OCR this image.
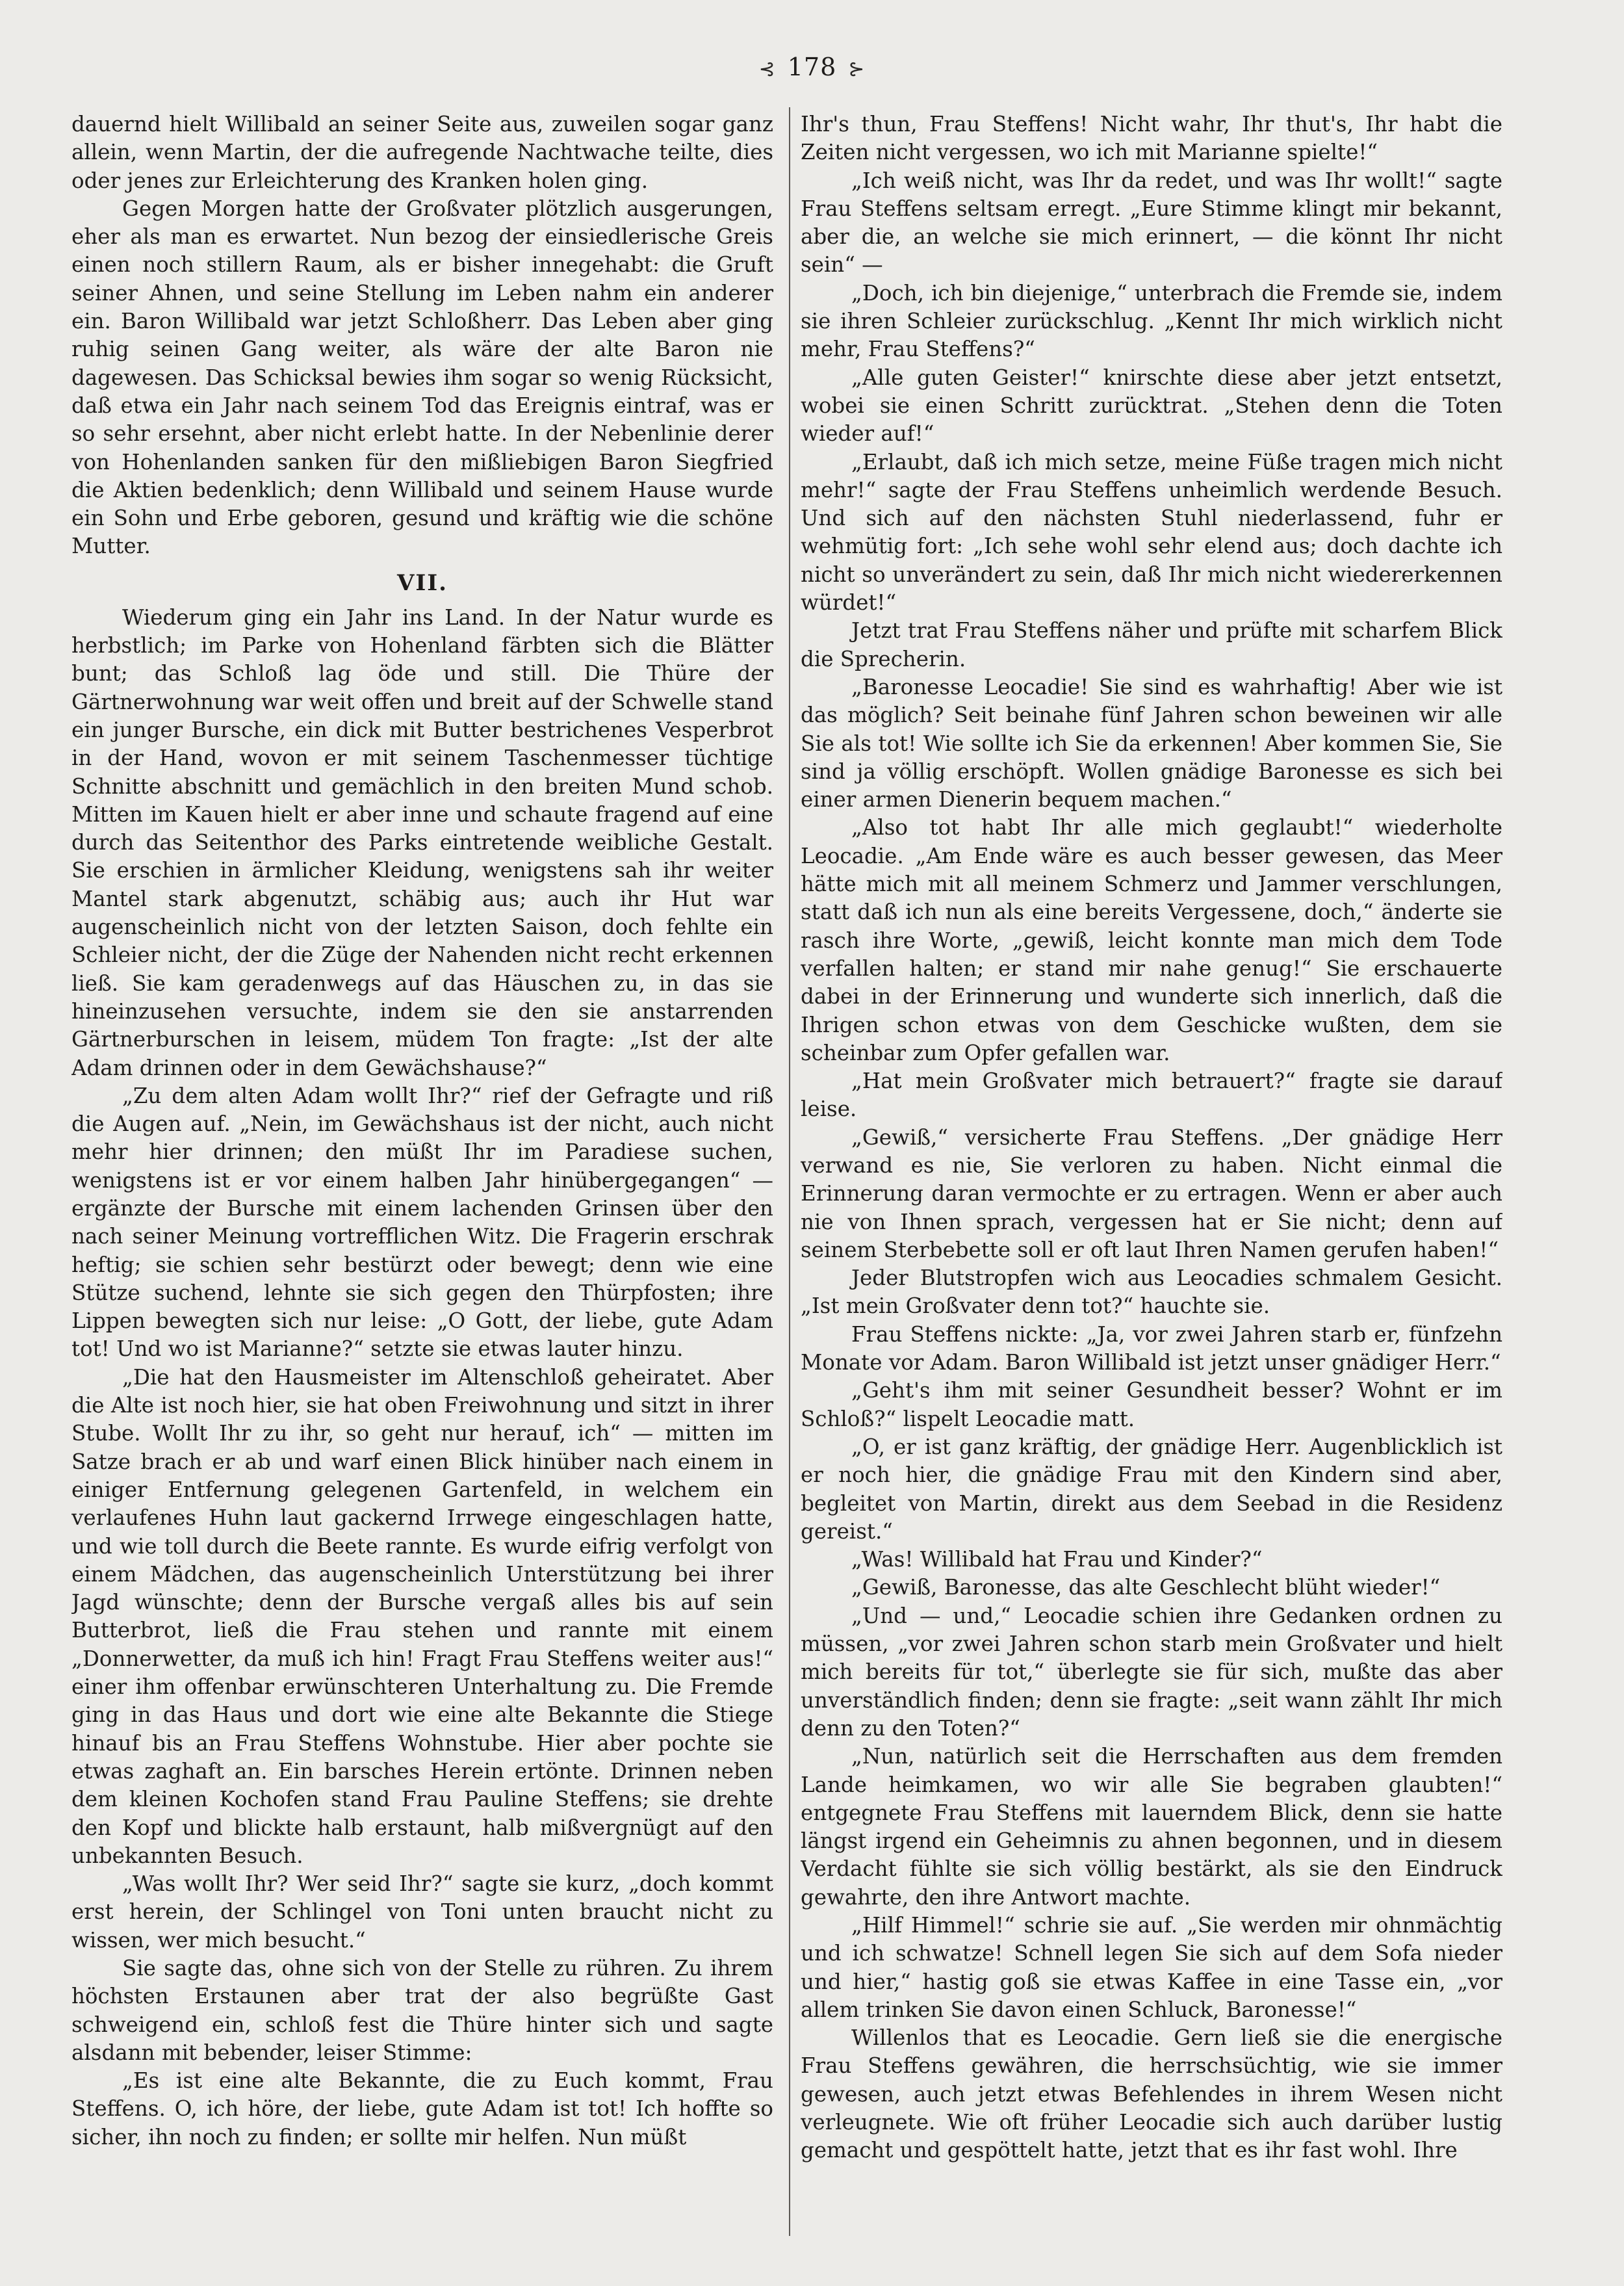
⊰ 178 ⊱

dauernd hielt Willibald an seiner Seite aus, zuweilen sogar ganz allein, wenn Martin, der die aufregende Nachtwache teilte, dies oder jenes zur Erleichterung des Kranken holen ging.

Gegen Morgen hatte der Großvater plötzlich ausgerungen, eher als man es erwartet. Nun bezog der einsiedlerische Greis einen noch stillern Raum, als er bisher innegehabt: die Gruft seiner Ahnen, und seine Stellung im Leben nahm ein anderer ein. Baron Willibald war jetzt Schloßherr. Das Leben aber ging ruhig seinen Gang weiter, als wäre der alte Baron nie dagewesen. Das Schicksal bewies ihm sogar so wenig Rücksicht, daß etwa ein Jahr nach seinem Tod das Ereignis eintraf, was er so sehr ersehnt, aber nicht erlebt hatte. In der Nebenlinie derer von Hohenlanden sanken für den mißliebigen Baron Siegfried die Aktien bedenklich; denn Willibald und seinem Hause wurde ein Sohn und Erbe geboren, gesund und kräftig wie die schöne Mutter.

VII.

Wiederum ging ein Jahr ins Land. In der Natur wurde es herbstlich; im Parke von Hohenland färbten sich die Blätter bunt; das Schloß lag öde und still. Die Thüre der Gärtnerwohnung war weit offen und breit auf der Schwelle stand ein junger Bursche, ein dick mit Butter bestrichenes Vesperbrot in der Hand, wovon er mit seinem Taschenmesser tüchtige Schnitte abschnitt und gemächlich in den breiten Mund schob. Mitten im Kauen hielt er aber inne und schaute fragend auf eine durch das Seitenthor des Parks eintretende weibliche Gestalt. Sie erschien in ärmlicher Kleidung, wenigstens sah ihr weiter Mantel stark abgenutzt, schäbig aus; auch ihr Hut war augenscheinlich nicht von der letzten Saison, doch fehlte ein Schleier nicht, der die Züge der Nahenden nicht recht erkennen ließ. Sie kam geradenwegs auf das Häuschen zu, in das sie hineinzusehen versuchte, indem sie den sie anstarrenden Gärtnerburschen in leisem, müdem Ton fragte: „Ist der alte Adam drinnen oder in dem Gewächshause?“

„Zu dem alten Adam wollt Ihr?“ rief der Gefragte und riß die Augen auf. „Nein, im Gewächshaus ist der nicht, auch nicht mehr hier drinnen; den müßt Ihr im Paradiese suchen, wenigstens ist er vor einem halben Jahr hinübergegangen“ — ergänzte der Bursche mit einem lachenden Grinsen über den nach seiner Meinung vortrefflichen Witz. Die Fragerin erschrak heftig; sie schien sehr bestürzt oder bewegt; denn wie eine Stütze suchend, lehnte sie sich gegen den Thürpfosten; ihre Lippen bewegten sich nur leise: „O Gott, der liebe, gute Adam tot! Und wo ist Marianne?“ setzte sie etwas lauter hinzu.

„Die hat den Hausmeister im Altenschloß geheiratet. Aber die Alte ist noch hier, sie hat oben Freiwohnung und sitzt in ihrer Stube. Wollt Ihr zu ihr, so geht nur herauf, ich“ — mitten im Satze brach er ab und warf einen Blick hinüber nach einem in einiger Entfernung gelegenen Gartenfeld, in welchem ein verlaufenes Huhn laut gackernd Irrwege eingeschlagen hatte, und wie toll durch die Beete rannte. Es wurde eifrig verfolgt von einem Mädchen, das augenscheinlich Unterstützung bei ihrer Jagd wünschte; denn der Bursche vergaß alles bis auf sein Butterbrot, ließ die Frau stehen und rannte mit einem „Donnerwetter, da muß ich hin! Fragt Frau Steffens weiter aus!“ einer ihm offenbar erwünschteren Unterhaltung zu. Die Fremde ging in das Haus und dort wie eine alte Bekannte die Stiege hinauf bis an Frau Steffens Wohnstube. Hier aber pochte sie etwas zaghaft an. Ein barsches Herein ertönte. Drinnen neben dem kleinen Kochofen stand Frau Pauline Steffens; sie drehte den Kopf und blickte halb erstaunt, halb mißvergnügt auf den unbekannten Besuch.

„Was wollt Ihr? Wer seid Ihr?“ sagte sie kurz, „doch kommt erst herein, der Schlingel von Toni unten braucht nicht zu wissen, wer mich besucht.“

Sie sagte das, ohne sich von der Stelle zu rühren. Zu ihrem höchsten Erstaunen aber trat der also begrüßte Gast schweigend ein, schloß fest die Thüre hinter sich und sagte alsdann mit bebender, leiser Stimme:

„Es ist eine alte Bekannte, die zu Euch kommt, Frau Steffens. O, ich höre, der liebe, gute Adam ist tot! Ich hoffte so sicher, ihn noch zu finden; er sollte mir helfen. Nun müßt

Ihr's thun, Frau Steffens! Nicht wahr, Ihr thut's, Ihr habt die Zeiten nicht vergessen, wo ich mit Marianne spielte!“

„Ich weiß nicht, was Ihr da redet, und was Ihr wollt!“ sagte Frau Steffens seltsam erregt. „Eure Stimme klingt mir bekannt, aber die, an welche sie mich erinnert, — die könnt Ihr nicht sein“ —

„Doch, ich bin diejenige,“ unterbrach die Fremde sie, indem sie ihren Schleier zurückschlug. „Kennt Ihr mich wirklich nicht mehr, Frau Steffens?“

„Alle guten Geister!“ knirschte diese aber jetzt entsetzt, wobei sie einen Schritt zurücktrat. „Stehen denn die Toten wieder auf!“

„Erlaubt, daß ich mich setze, meine Füße tragen mich nicht mehr!“ sagte der Frau Steffens unheimlich werdende Besuch. Und sich auf den nächsten Stuhl niederlassend, fuhr er wehmütig fort: „Ich sehe wohl sehr elend aus; doch dachte ich nicht so unverändert zu sein, daß Ihr mich nicht wiedererkennen würdet!“

Jetzt trat Frau Steffens näher und prüfte mit scharfem Blick die Sprecherin.

„Baronesse Leocadie! Sie sind es wahrhaftig! Aber wie ist das möglich? Seit beinahe fünf Jahren schon beweinen wir alle Sie als tot! Wie sollte ich Sie da erkennen! Aber kommen Sie, Sie sind ja völlig erschöpft. Wollen gnädige Baronesse es sich bei einer armen Dienerin bequem machen.“

„Also tot habt Ihr alle mich geglaubt!“ wiederholte Leocadie. „Am Ende wäre es auch besser gewesen, das Meer hätte mich mit all meinem Schmerz und Jammer verschlungen, statt daß ich nun als eine bereits Vergessene, doch,“ änderte sie rasch ihre Worte, „gewiß, leicht konnte man mich dem Tode verfallen halten; er stand mir nahe genug!“ Sie erschauerte dabei in der Erinnerung und wunderte sich innerlich, daß die Ihrigen schon etwas von dem Geschicke wußten, dem sie scheinbar zum Opfer gefallen war.

„Hat mein Großvater mich betrauert?“ fragte sie darauf leise.

„Gewiß,“ versicherte Frau Steffens. „Der gnädige Herr verwand es nie, Sie verloren zu haben. Nicht einmal die Erinnerung daran vermochte er zu ertragen. Wenn er aber auch nie von Ihnen sprach, vergessen hat er Sie nicht; denn auf seinem Sterbebette soll er oft laut Ihren Namen gerufen haben!“

Jeder Blutstropfen wich aus Leocadies schmalem Gesicht. „Ist mein Großvater denn tot?“ hauchte sie.

Frau Steffens nickte: „Ja, vor zwei Jahren starb er, fünfzehn Monate vor Adam. Baron Willibald ist jetzt unser gnädiger Herr.“

„Geht's ihm mit seiner Gesundheit besser? Wohnt er im Schloß?“ lispelt Leocadie matt.

„O, er ist ganz kräftig, der gnädige Herr. Augenblicklich ist er noch hier, die gnädige Frau mit den Kindern sind aber, begleitet von Martin, direkt aus dem Seebad in die Residenz gereist.“

„Was! Willibald hat Frau und Kinder?“

„Gewiß, Baronesse, das alte Geschlecht blüht wieder!“

„Und — und,“ Leocadie schien ihre Gedanken ordnen zu müssen, „vor zwei Jahren schon starb mein Großvater und hielt mich bereits für tot,“ überlegte sie für sich, mußte das aber unverständlich finden; denn sie fragte: „seit wann zählt Ihr mich denn zu den Toten?“

„Nun, natürlich seit die Herrschaften aus dem fremden Lande heimkamen, wo wir alle Sie begraben glaubten!“ entgegnete Frau Steffens mit lauerndem Blick, denn sie hatte längst irgend ein Geheimnis zu ahnen begonnen, und in diesem Verdacht fühlte sie sich völlig bestärkt, als sie den Eindruck gewahrte, den ihre Antwort machte.

„Hilf Himmel!“ schrie sie auf. „Sie werden mir ohnmächtig und ich schwatze! Schnell legen Sie sich auf dem Sofa nieder und hier,“ hastig goß sie etwas Kaffee in eine Tasse ein, „vor allem trinken Sie davon einen Schluck, Baronesse!“

Willenlos that es Leocadie. Gern ließ sie die energische Frau Steffens gewähren, die herrschsüchtig, wie sie immer gewesen, auch jetzt etwas Befehlendes in ihrem Wesen nicht verleugnete. Wie oft früher Leocadie sich auch darüber lustig gemacht und gespöttelt hatte, jetzt that es ihr fast wohl. Ihre
